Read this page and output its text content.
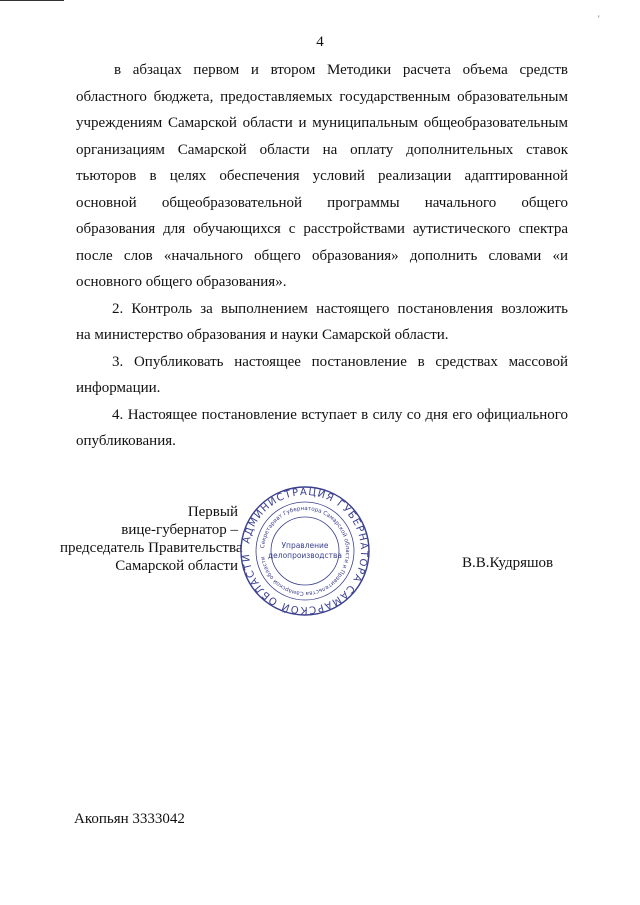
'
4

в абзацах первом и втором Методики расчета объема средств

областного бюджета, предоставляемых государственным образовательным

учреждениям Самарской области и муниципальным общеобразовательным

организациям Самарской области на оплату дополнительных ставок

тьюторов в целях обеспечения условий реализации адаптированной

основной общеобразовательной программы начального общего

образования для обучающихся с расстройствами аутистического спектра

после слов «начального общего образования» дополнить словами «и

основного общего образования».

2. Контроль за выполнением настоящего постановления возложить

на министерство образования и науки Самарской области.

3. Опубликовать настоящее постановление в средствах массовой

информации.

4. Настоящее постановление вступает в силу со дня его официального

опубликования.

Первый
вице-губернатор –
председатель Правительства
Самарской области
АДМИНИСТРАЦИЯ ГУБЕРНАТОРА САМАРСКОЙ ОБЛАСТИ
Секретариат Губернатора Самарской области и Правительства Самарской области
Управление
делопроизводства	В.В.Кудряшов
Акопьян 3333042
